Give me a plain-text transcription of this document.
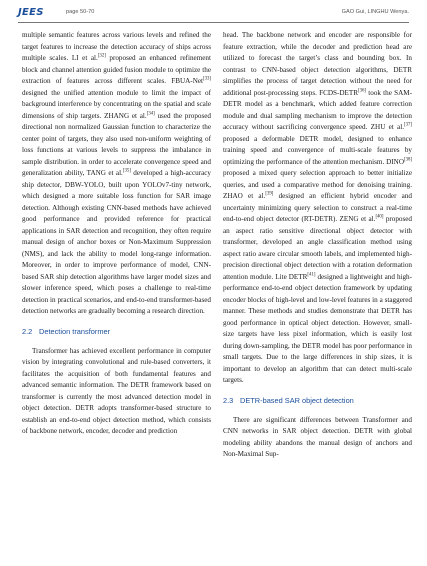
JEES	page 50-70	GAO Gui, LINGHU Wenya.

multiple semantic features across various levels and refined the target features to increase the detection accuracy of ships across multiple scales. LI et al.[32] proposed an enhanced refinement block and channel attention guided fusion module to optimize the extraction of features across different scales. FBUA-Net[33] designed the unified attention module to limit the impact of background interference by concentrating on the spatial and scale dimensions of ship targets. ZHANG et al.[34] used the proposed directional non normalized Gaussian function to characterize the center point of targets, they also used non-uniform weighting of loss functions at various levels to suppress the imbalance in sample distribution. in order to accelerate convergence speed and generalization ability, TANG et al.[35] developed a high-accuracy ship detector, DBW-YOLO, built upon YOLOv7-tiny network, which designed a more suitable loss function for SAR image detection. Although existing CNN-based methods have achieved good performance and provided reference for practical applications in SAR detection and recognition, they often require manual design of anchor boxes or Non-Maximum Suppression (NMS), and lack the ability to model long-range information. Moreover, in order to improve performance of model, CNN-based SAR ship detection algorithms have larger model sizes and slower inference speed, which poses a challenge to real-time detection in practical scenarios, and end-to-end transformer-based detection networks are gradually becoming a research direction.

2.2 Detection transformer

Transformer has achieved excellent performance in computer vision by integrating convolutional and rule-based converters, it facilitates the acquisition of both fundamental features and advanced semantic information. The DETR framework based on transformer is currently the most advanced detection model in object detection. DETR adopts transformer-based structure to establish an end-to-end object detection method, which consists of backbone network, encoder, decoder and prediction

head. The backbone network and encoder are responsible for feature extraction, while the decoder and prediction head are utilized to forecast the target’s class and bounding box. In contrast to CNN-based object detection algorithms, DETR simplifies the process of target detection without the need for additional post-processing steps. FCDS-DETR[36] took the SAM-DETR model as a benchmark, which added feature correction module and dual sampling mechanism to improve the detection accuracy without sacrificing convergence speed. ZHU et al.[37] proposed a deformable DETR model, designed to enhance training speed and convergence of multi-scale features by optimizing the performance of the attention mechanism. DINO[38] proposed a mixed query selection approach to better initialize queries, and used a comparative method for denoising training. ZHAO et al.[39] designed an efficient hybrid encoder and uncertainty minimizing query selection to construct a real-time end-to-end object detector (RT-DETR). ZENG et al.[40] proposed an aspect ratio sensitive directional object detector with transformer, developed an angle classification method using aspect ratio aware circular smooth labels, and implemented high-precision directional object detection with a rotation deformation attention module. Lite DETR[41] designed a lightweight and high-performance end-to-end object detection framework by updating encoder blocks of high-level and low-level features in a staggered manner. These methods and studies demonstrate that DETR has good performance in optical object detection. However, small-size targets have less pixel information, which is easily lost during down-sampling, the DETR model has poor performance in small targets. Due to the large differences in ship sizes, it is important to develop an algorithm that can detect multi-scale targets.

2.3 DETR-based SAR object detection

There are significant differences between Transformer and CNN networks in SAR object detection. DETR with global modeling ability abandons the manual design of anchors and Non-Maximal Sup-
